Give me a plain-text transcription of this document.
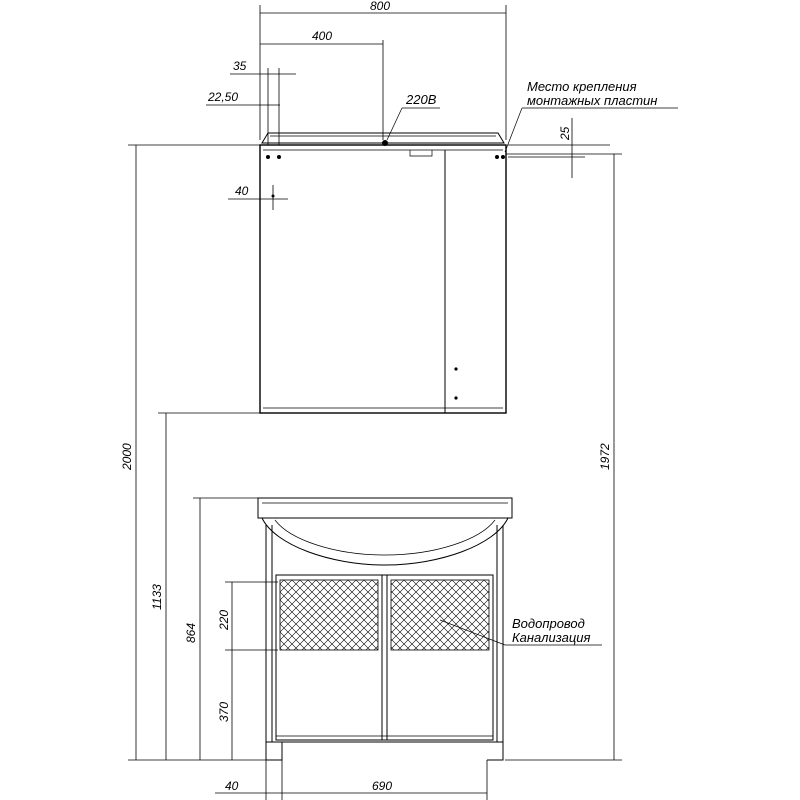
800
400
35
22,50	220В
Место крепления
монтажных пластин
25
40
2000	1972
1133
864
220
370
40	690
Водопровод
Канализация
